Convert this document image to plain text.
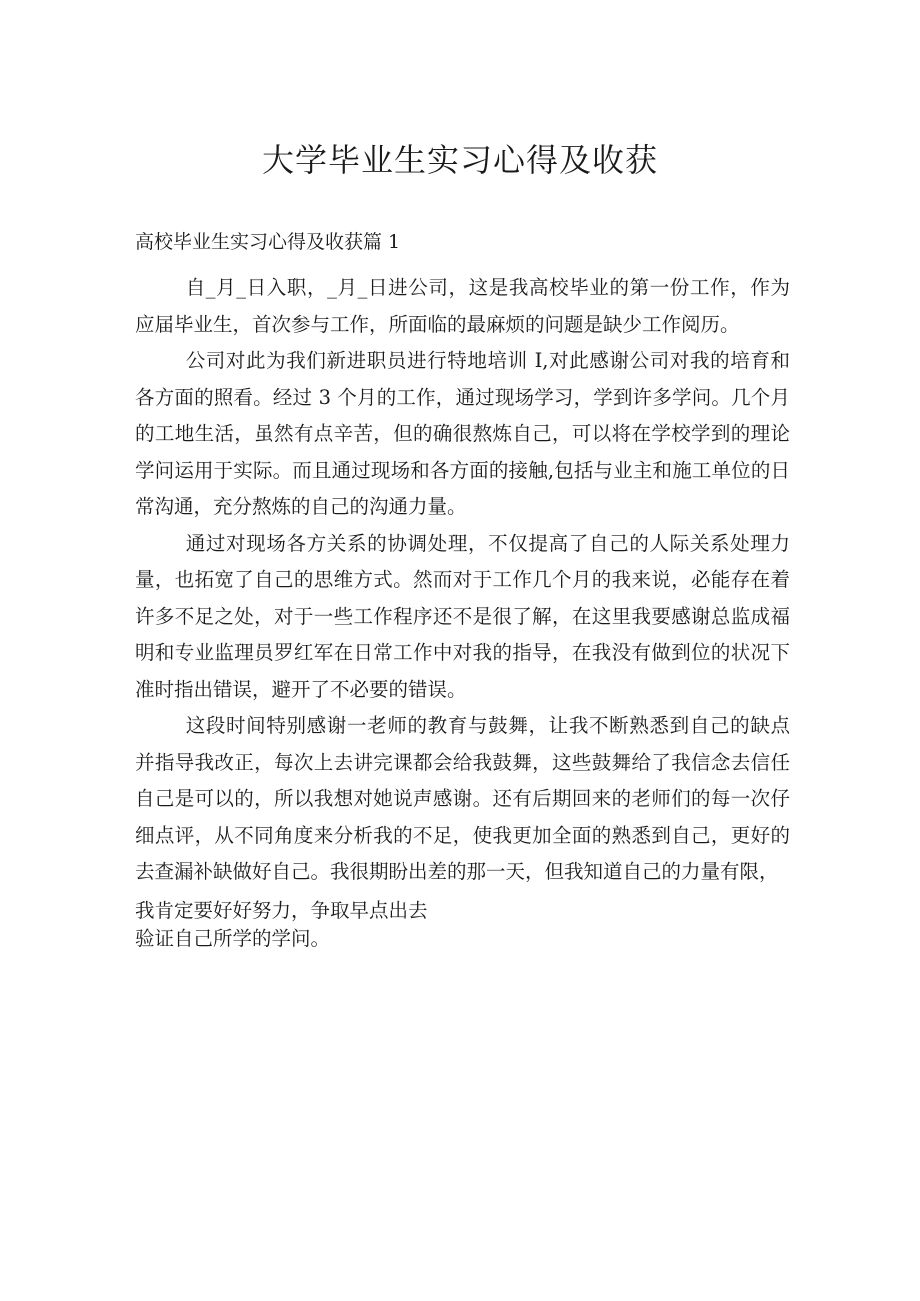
大学毕业生实习心得及收获

高校毕业生实习心得及收获篇 1

自_月_日入职，_月_日进公司，这是我高校毕业的第一份工作，作为应届毕业生，首次参与工作，所面临的最麻烦的问题是缺少工作阅历。

公司对此为我们新进职员进行特地培训 I,对此感谢公司对我的培育和各方面的照看。经过 3 个月的工作，通过现场学习，学到许多学问。几个月的工地生活，虽然有点辛苦，但的确很熬炼自己，可以将在学校学到的理论学问运用于实际。而且通过现场和各方面的接触,包括与业主和施工单位的日常沟通，充分熬炼的自己的沟通力量。

通过对现场各方关系的协调处理，不仅提高了自己的人际关系处理力量，也拓宽了自己的思维方式。然而对于工作几个月的我来说，必能存在着许多不足之处，对于一些工作程序还不是很了解，在这里我要感谢总监成福明和专业监理员罗红军在日常工作中对我的指导，在我没有做到位的状况下准时指出错误，避开了不必要的错误。

这段时间特别感谢一老师的教育与鼓舞，让我不断熟悉到自己的缺点并指导我改正，每次上去讲完课都会给我鼓舞，这些鼓舞给了我信念去信任自己是可以的，所以我想对她说声感谢。还有后期回来的老师们的每一次仔细点评，从不同角度来分析我的不足，使我更加全面的熟悉到自己，更好的去查漏补缺做好自己。我很期盼出差的那一天，但我知道自己的力量有限，

我肯定要好好努力，争取早点出去

验证自己所学的学问。
